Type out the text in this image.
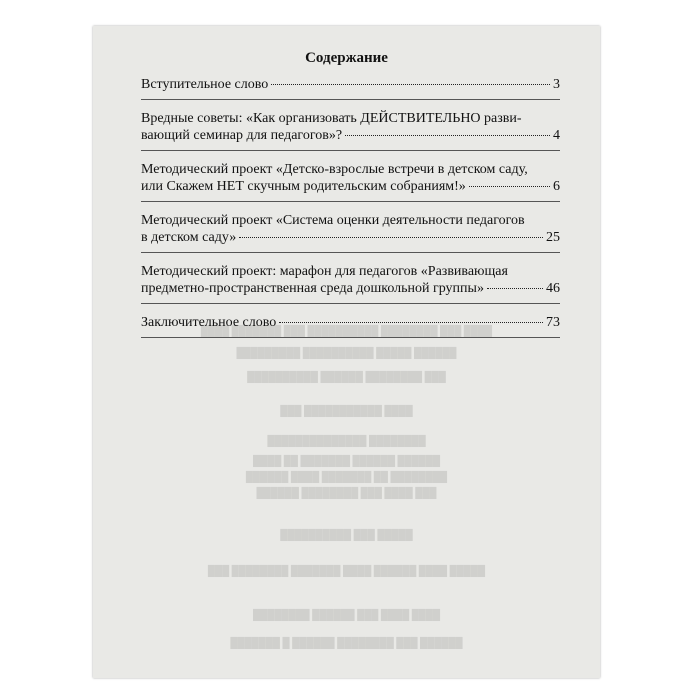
████ ███████ ███ ██████████ ████████ ███ ████
█████████ ██████████ █████ ██████
██████████ ██████ ████████ ███
███ ███████████ ████
██████████████ ████████
████ ██ ███████ ██████ ██████
██████ ████ ███████ ██ ████████
██████ ████████ ███ ████ ███
██████████ ███ █████
███ ████████ ███████ ████ ██████ ████ █████
████████ ██████ ███ ████ ████
███████ █ ██████ ████████ ███ ██████
Содержание
Вступительное слово	3
Вредные советы: «Как организовать ДЕЙСТВИТЕЛЬНО разви-
вающий семинар для педагогов»?	4
Методический проект «Детско-взрослые встречи в детском саду,
или Скажем НЕТ скучным родительским собраниям!»	6
Методический проект «Система оценки деятельности педагогов
в детском саду»	25
Методический проект: марафон для педагогов «Развивающая
предметно-пространственная среда дошкольной группы»	46
Заключительное слово	73
